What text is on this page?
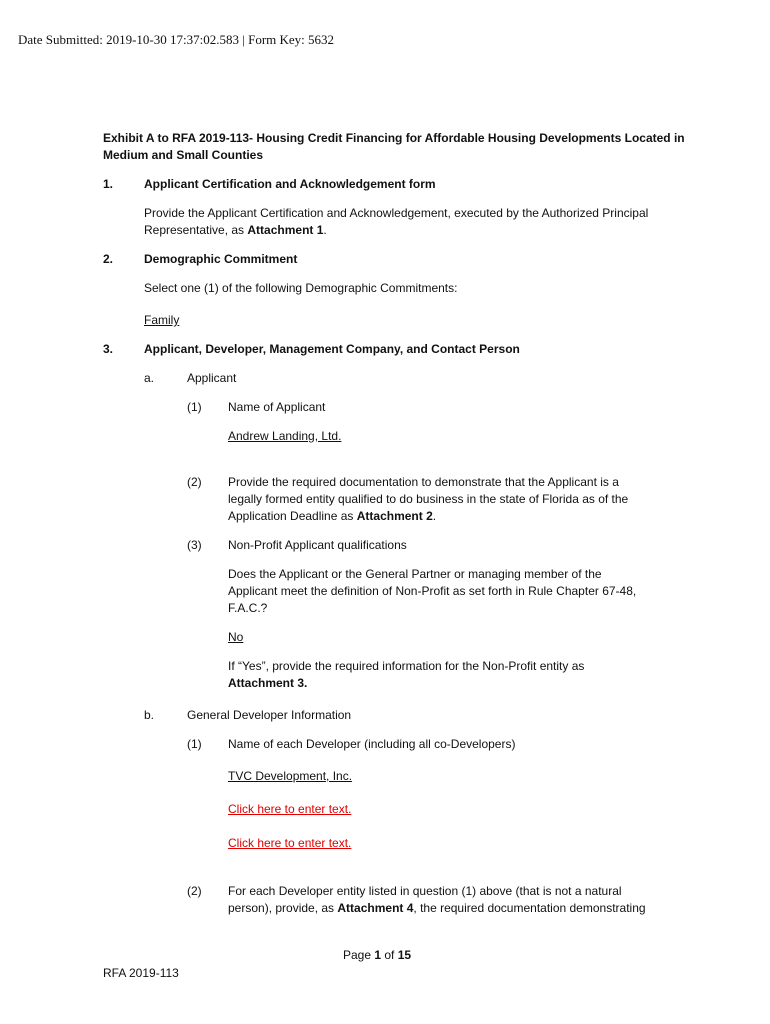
Date Submitted: 2019-10-30 17:37:02.583 | Form Key: 5632
Exhibit A to RFA 2019-113- Housing Credit Financing for Affordable Housing Developments Located in
Medium and Small Counties
1.	Applicant Certification and Acknowledgement form
Provide the Applicant Certification and Acknowledgement, executed by the Authorized Principal
Representative, as Attachment 1.
2.	Demographic Commitment
Select one (1) of the following Demographic Commitments:
Family
3.	Applicant, Developer, Management Company, and Contact Person
a.	Applicant
(1) Name of Applicant
Andrew Landing, Ltd.
(2) Provide the required documentation to demonstrate that the Applicant is a
legally formed entity qualified to do business in the state of Florida as of the
Application Deadline as Attachment 2.
(3) Non-Profit Applicant qualifications
Does the Applicant or the General Partner or managing member of the
Applicant meet the definition of Non-Profit as set forth in Rule Chapter 67-48,
F.A.C.?
No
If “Yes”, provide the required information for the Non-Profit entity as
Attachment 3.
b.	General Developer Information
(1) Name of each Developer (including all co-Developers)
TVC Development, Inc.
Click here to enter text.
Click here to enter text.
(2) For each Developer entity listed in question (1) above (that is not a natural
person), provide, as Attachment 4, the required documentation demonstrating
Page 1 of 15
RFA 2019-113
